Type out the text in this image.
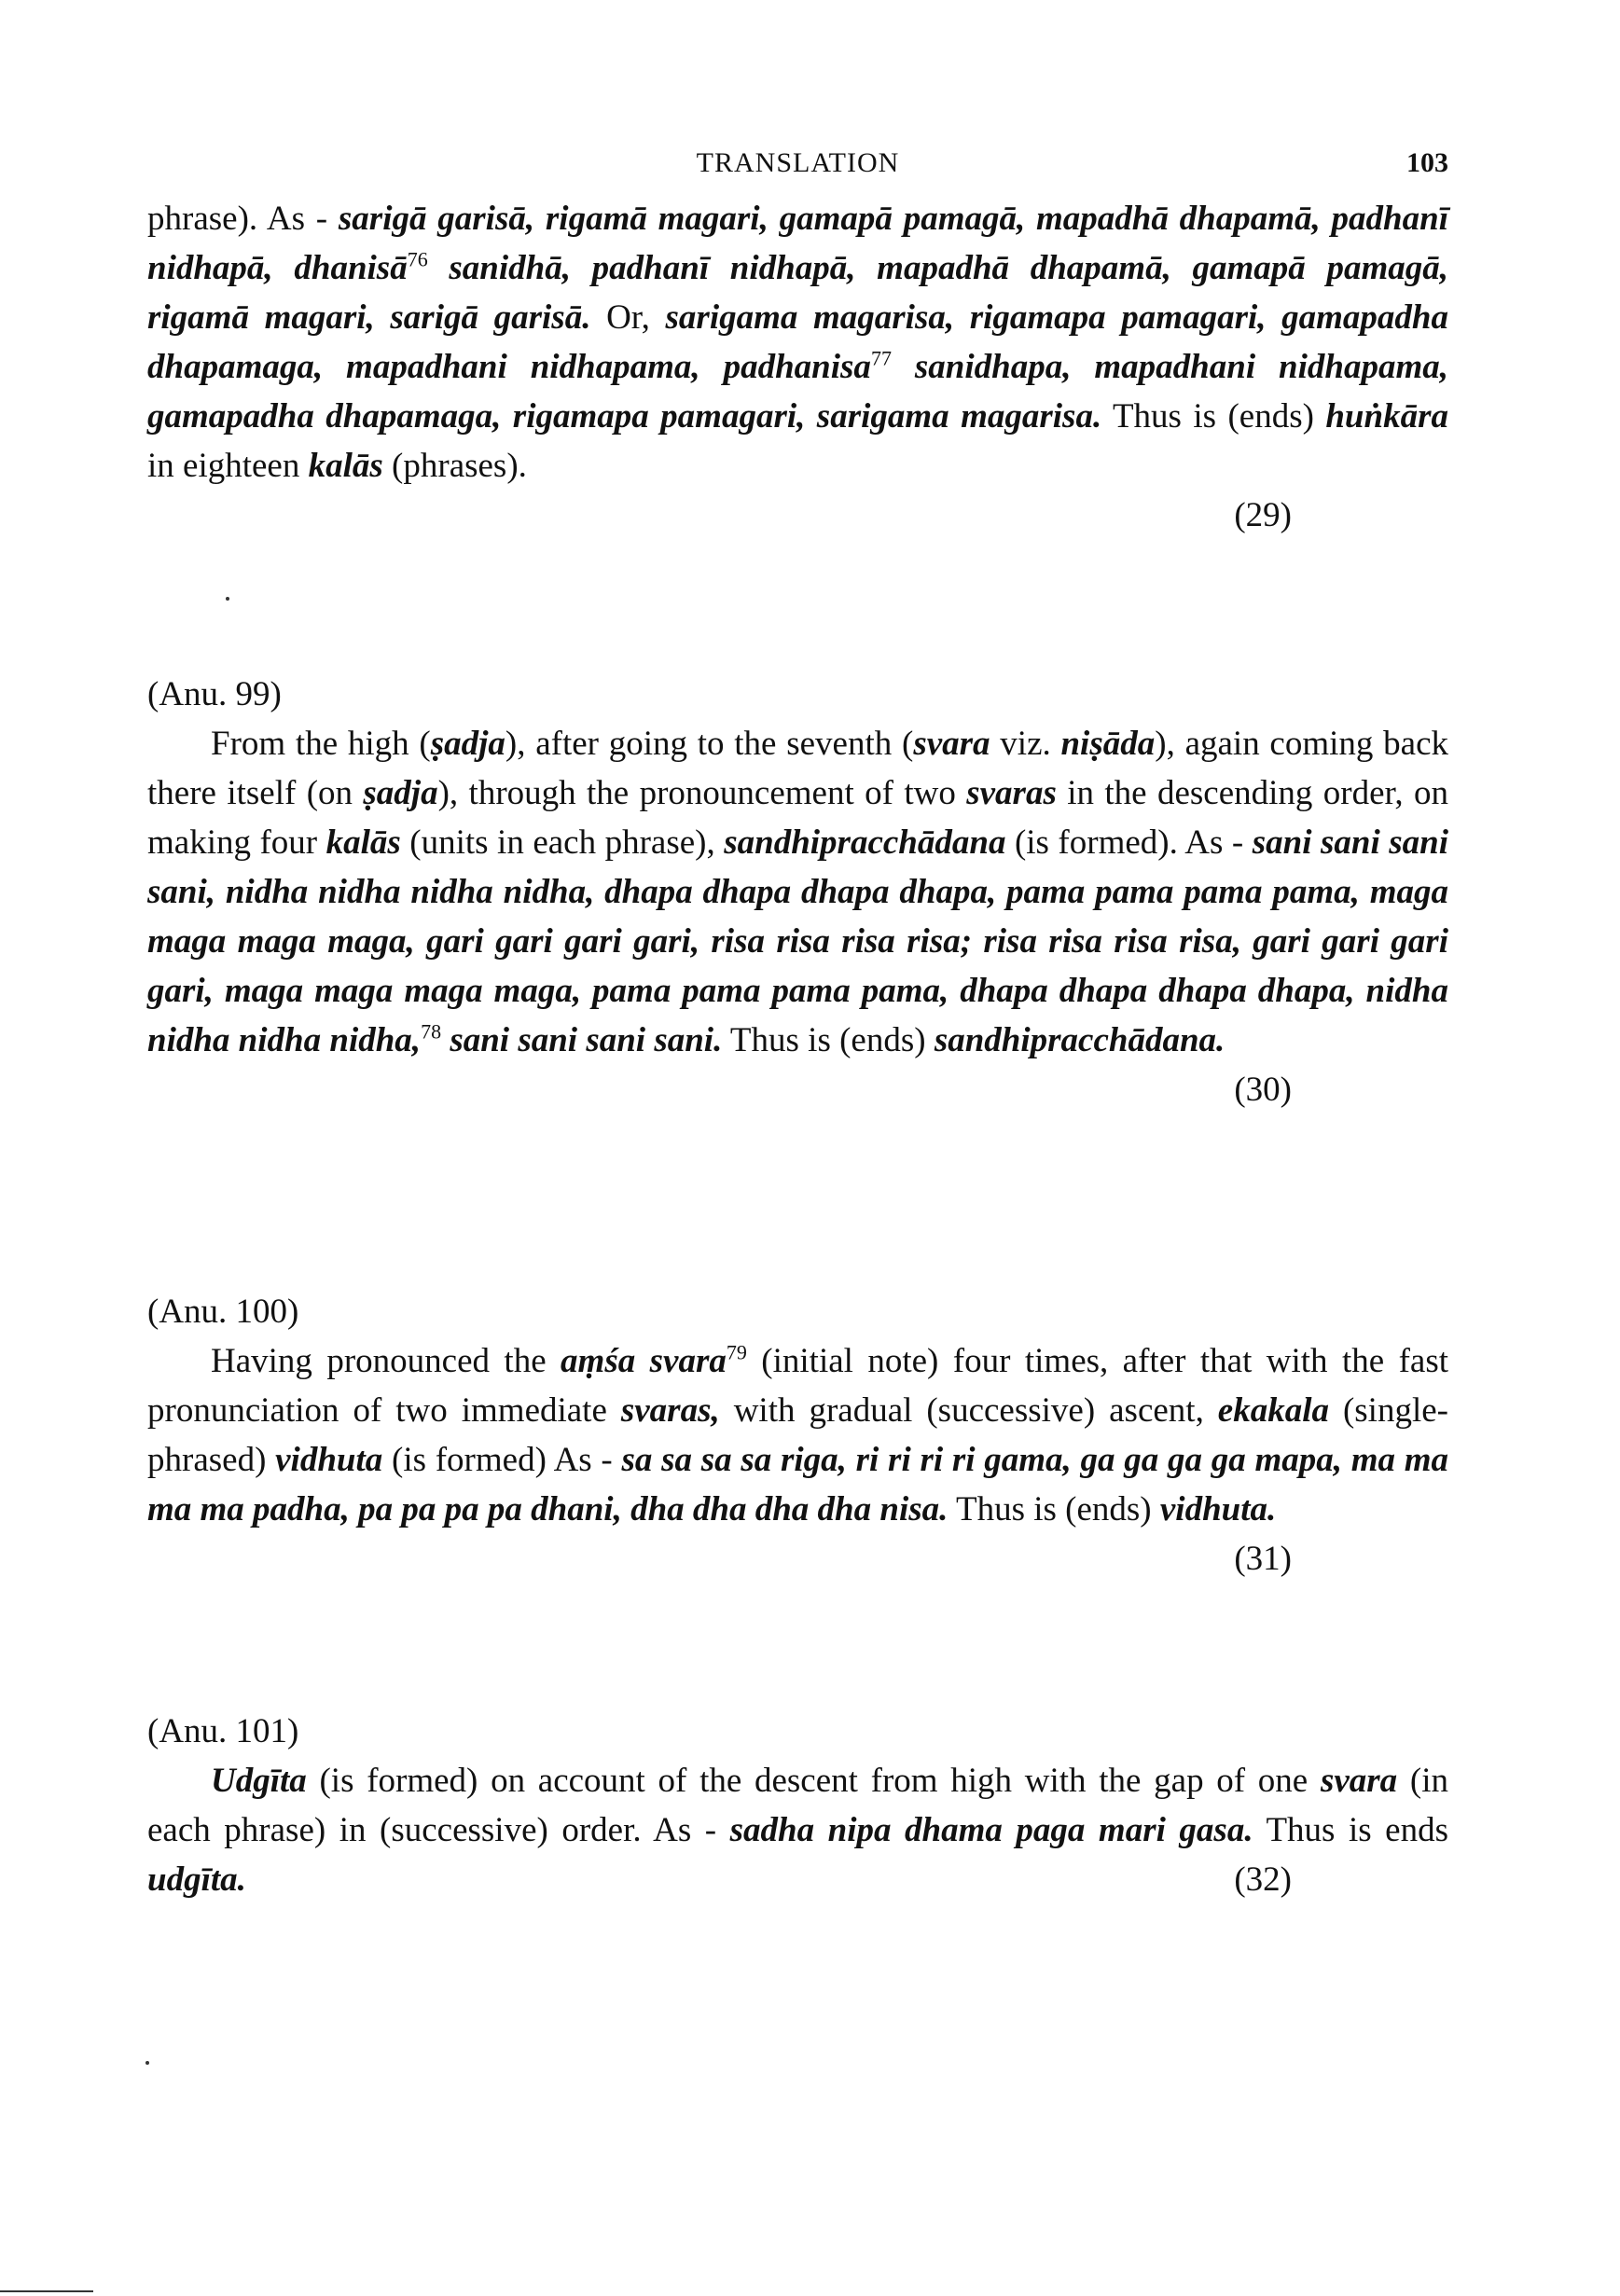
TRANSLATION	103

phrase). As - sarigā garisā, rigamā magari, gamapā pamagā, mapadhā dhapamā, padhanī nidhapā, dhanisā$^{76}$ sanidhā, padhanī nidhapā, mapadhā dhapamā, gamapā pamagā, rigamā magari, sarigā garisā. Or, sarigama magarisa, rigamapa pamagari, gamapadha dhapamaga, mapadhani nidhapama, padhanisa$^{77}$ sanidhapa, mapadhani nidhapama, gamapadha dhapamaga, rigamapa pamagari, sarigama magarisa. Thus is (ends) huṅkāra in eighteen kalās (phrases).

(29)

(Anu. 99)

From the high (ṣadja), after going to the seventh (svara viz. niṣāda), again coming back there itself (on ṣadja), through the pronouncement of two svaras in the descending order, on making four kalās (units in each phrase), sandhipracchādana (is formed). As - sani sani sani sani, nidha nidha nidha nidha, dhapa dhapa dhapa dhapa, pama pama pama pama, maga maga maga maga, gari gari gari gari, risa risa risa risa; risa risa risa risa, gari gari gari gari, maga maga maga maga, pama pama pama pama, dhapa dhapa dhapa dhapa, nidha nidha nidha nidha,$^{78}$ sani sani sani sani. Thus is (ends) sandhipracchādana.
(30)

(Anu. 100)

Having pronounced the aṃśa svara$^{79}$ (initial note) four times, after that with the fast pronunciation of two immediate svaras, with gradual (successive) ascent, ekakala (single-phrased) vidhuta (is formed) As - sa sa sa sa riga, ri ri ri ri gama, ga ga ga ga mapa, ma ma ma ma padha, pa pa pa pa dhani, dha dha dha dha nisa. Thus is (ends) vidhuta.
(31)

(Anu. 101)

Udgīta (is formed) on account of the descent from high with the gap of one svara (in each phrase) in (successive) order. As - sadha nipa dhama paga mari gasa. Thus is ends udgīta.	(32)
